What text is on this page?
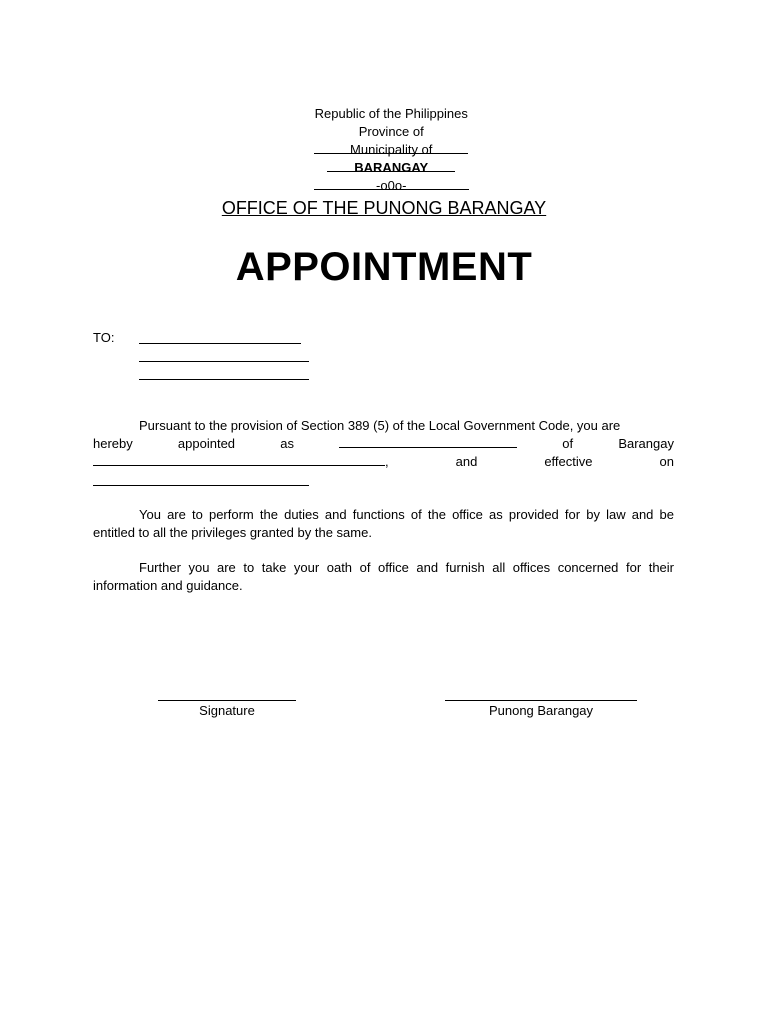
Republic of the Philippines

Province of

Municipality of

BARANGAY

-o0o-

OFFICE OF THE PUNONG BARANGAY
APPOINTMENT
TO:
Pursuant to the provision of Section 389 (5) of the Local Government Code, you are
hereby	appointed	as	of	Barangay
,	and	effective	on
You are to perform the duties and functions of the office as provided for by law and be entitled to all the privileges granted by the same.
Further you are to take your oath of office and furnish all offices concerned for their information and guidance.
Signature	Punong Barangay
